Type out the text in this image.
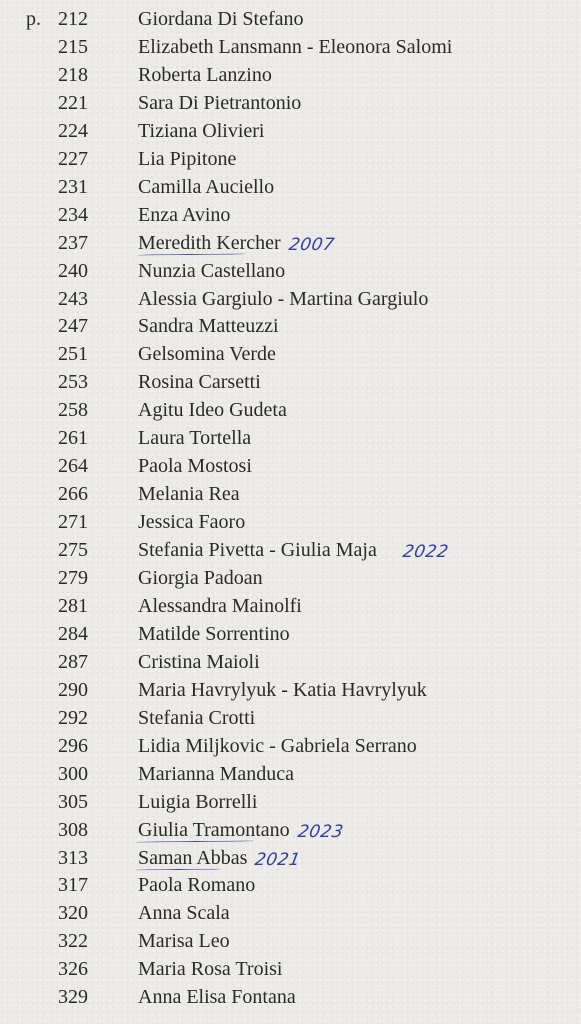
p. 212	Giordana Di Stefano
215	Elizabeth Lansmann - Eleonora Salomi
218	Roberta Lanzino
221	Sara Di Pietrantonio
224	Tiziana Olivieri
227	Lia Pipitone
231	Camilla Auciello
234	Enza Avino
237	Meredith Kercher 2007
240	Nunzia Castellano
243	Alessia Gargiulo - Martina Gargiulo
247	Sandra Matteuzzi
251	Gelsomina Verde
253	Rosina Carsetti
258	Agitu Ideo Gudeta
261	Laura Tortella
264	Paola Mostosi
266	Melania Rea
271	Jessica Faoro
275	Stefania Pivetta - Giulia Maja 2022
279	Giorgia Padoan
281	Alessandra Mainolfi
284	Matilde Sorrentino
287	Cristina Maioli
290	Maria Havrylyuk - Katia Havrylyuk
292	Stefania Crotti
296	Lidia Miljkovic - Gabriela Serrano
300	Marianna Manduca
305	Luigia Borrelli
308	Giulia Tramontano 2023
313	Saman Abbas 2021
317	Paola Romano
320	Anna Scala
322	Marisa Leo
326	Maria Rosa Troisi
329	Anna Elisa Fontana
